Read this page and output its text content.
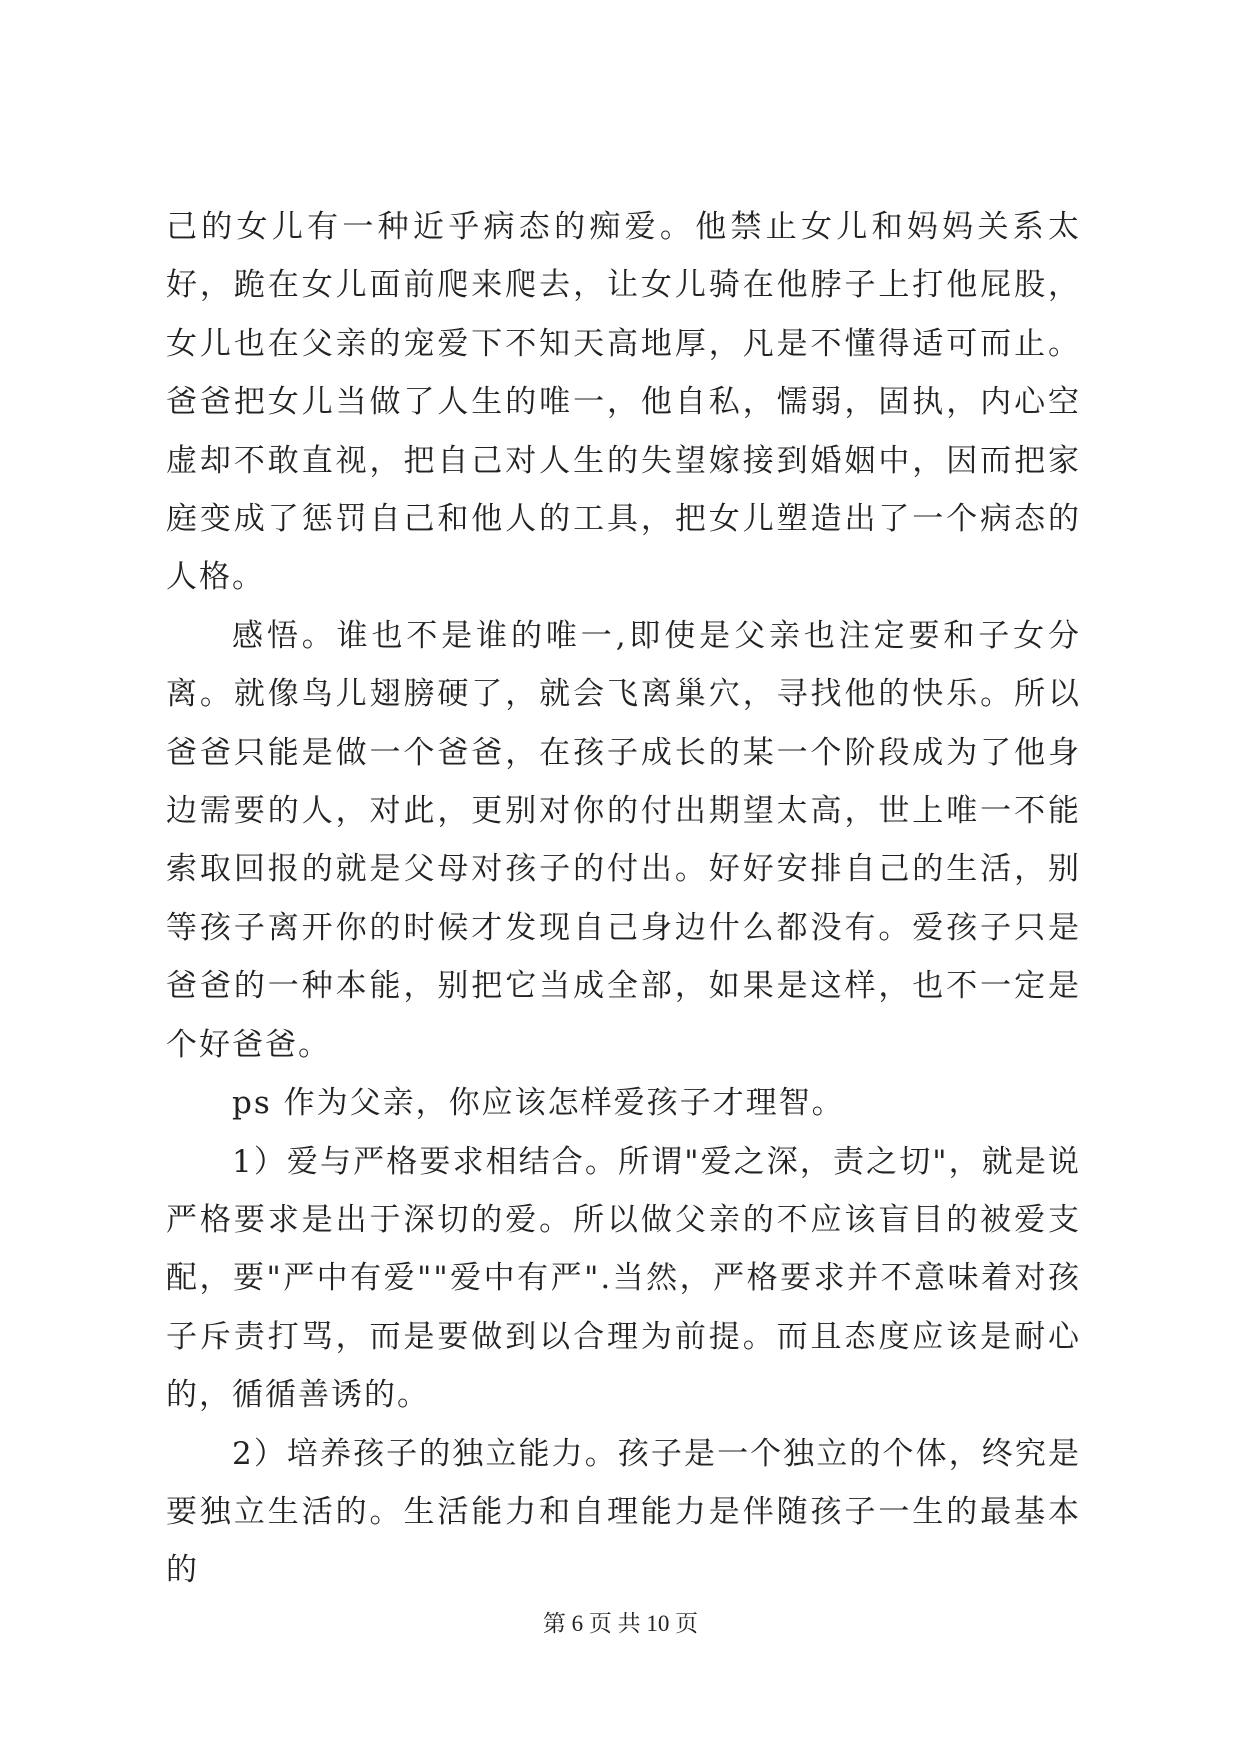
己的女儿有一种近乎病态的痴爱。他禁止女儿和妈妈关系太好，跪在女儿面前爬来爬去，让女儿骑在他脖子上打他屁股，女儿也在父亲的宠爱下不知天高地厚，凡是不懂得适可而止。爸爸把女儿当做了人生的唯一，他自私，懦弱，固执，内心空虚却不敢直视，把自己对人生的失望嫁接到婚姻中，因而把家庭变成了惩罚自己和他人的工具，把女儿塑造出了一个病态的人格。

感悟。谁也不是谁的唯一,即使是父亲也注定要和子女分离。就像鸟儿翅膀硬了，就会飞离巢穴，寻找他的快乐。所以爸爸只能是做一个爸爸，在孩子成长的某一个阶段成为了他身边需要的人，对此，更别对你的付出期望太高，世上唯一不能索取回报的就是父母对孩子的付出。好好安排自己的生活，别等孩子离开你的时候才发现自己身边什么都没有。爱孩子只是爸爸的一种本能，别把它当成全部，如果是这样，也不一定是个好爸爸。

ps 作为父亲，你应该怎样爱孩子才理智。

1）爱与严格要求相结合。所谓"爱之深，责之切"，就是说严格要求是出于深切的爱。所以做父亲的不应该盲目的被爱支配，要"严中有爱""爱中有严".当然，严格要求并不意味着对孩子斥责打骂，而是要做到以合理为前提。而且态度应该是耐心的，循循善诱的。

2）培养孩子的独立能力。孩子是一个独立的个体，终究是要独立生活的。生活能力和自理能力是伴随孩子一生的最基本的

第 6 页 共 10 页
